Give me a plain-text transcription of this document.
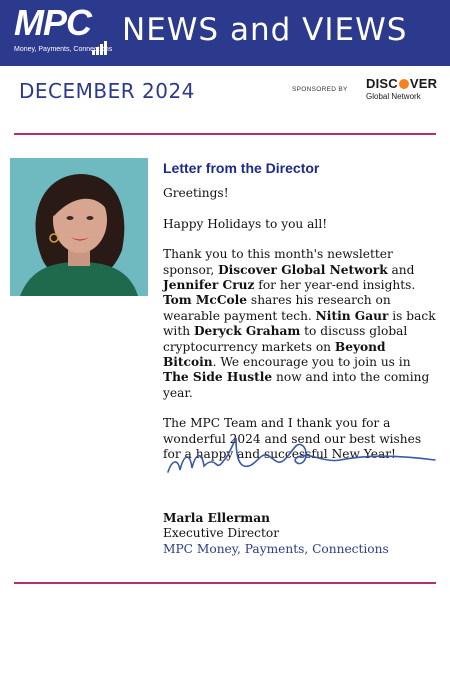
MPC
Money, Payments, Connections
NEWS and VIEWS
DECEMBER 2024	SPONSORED BY DISC VER
Global Network
Letter from the Director

Greetings!

Happy Holidays to you all!

Thank you to this month's newsletter sponsor, Discover Global Network and Jennifer Cruz for her year-end insights. Tom McCole shares his research on wearable payment tech. Nitin Gaur is back with Deryck Graham to discuss global cryptocurrency markets on Beyond Bitcoin. We encourage you to join us in The Side Hustle now and into the coming year.

The MPC Team and I thank you for a wonderful 2024 and send our best wishes for a happy and successful New Year!

Marla Ellerman
Executive Director
MPC Money, Payments, Connections
